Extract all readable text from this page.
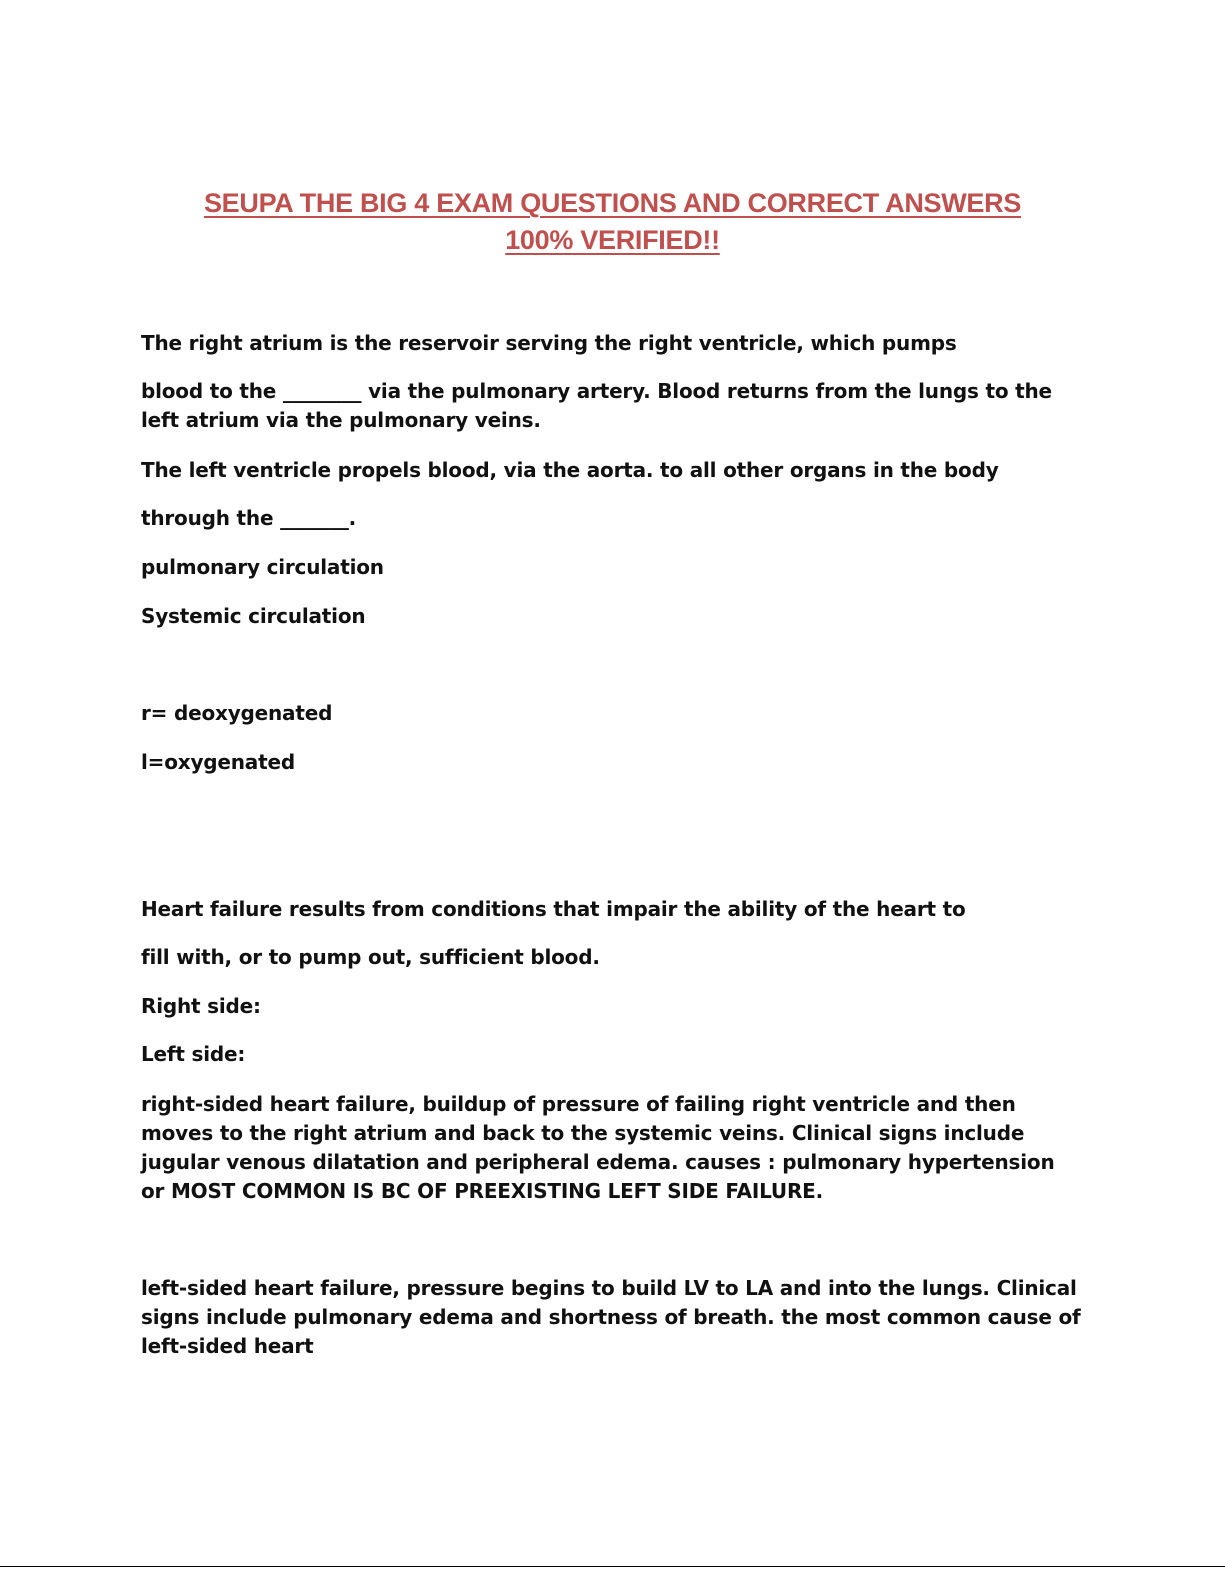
SEUPA THE BIG 4 EXAM QUESTIONS AND CORRECT ANSWERS
100% VERIFIED!!

The right atrium is the reservoir serving the right ventricle, which pumps

blood to the ________ via the pulmonary artery. Blood returns from the lungs to the left atrium via the pulmonary veins.

The left ventricle propels blood, via the aorta. to all other organs in the body

through the _______.

pulmonary circulation

Systemic circulation

r= deoxygenated

l=oxygenated

Heart failure results from conditions that impair the ability of the heart to

fill with, or to pump out, sufficient blood.

Right side:

Left side:

right-sided heart failure, buildup of pressure of failing right ventricle and then moves to the right atrium and back to the systemic veins. Clinical signs include jugular venous dilatation and peripheral edema. causes : pulmonary hypertension or MOST COMMON IS BC OF PREEXISTING LEFT SIDE FAILURE.

left-sided heart failure, pressure begins to build LV to LA and into the lungs. Clinical signs include pulmonary edema and shortness of breath. the most common cause of left-sided heart
